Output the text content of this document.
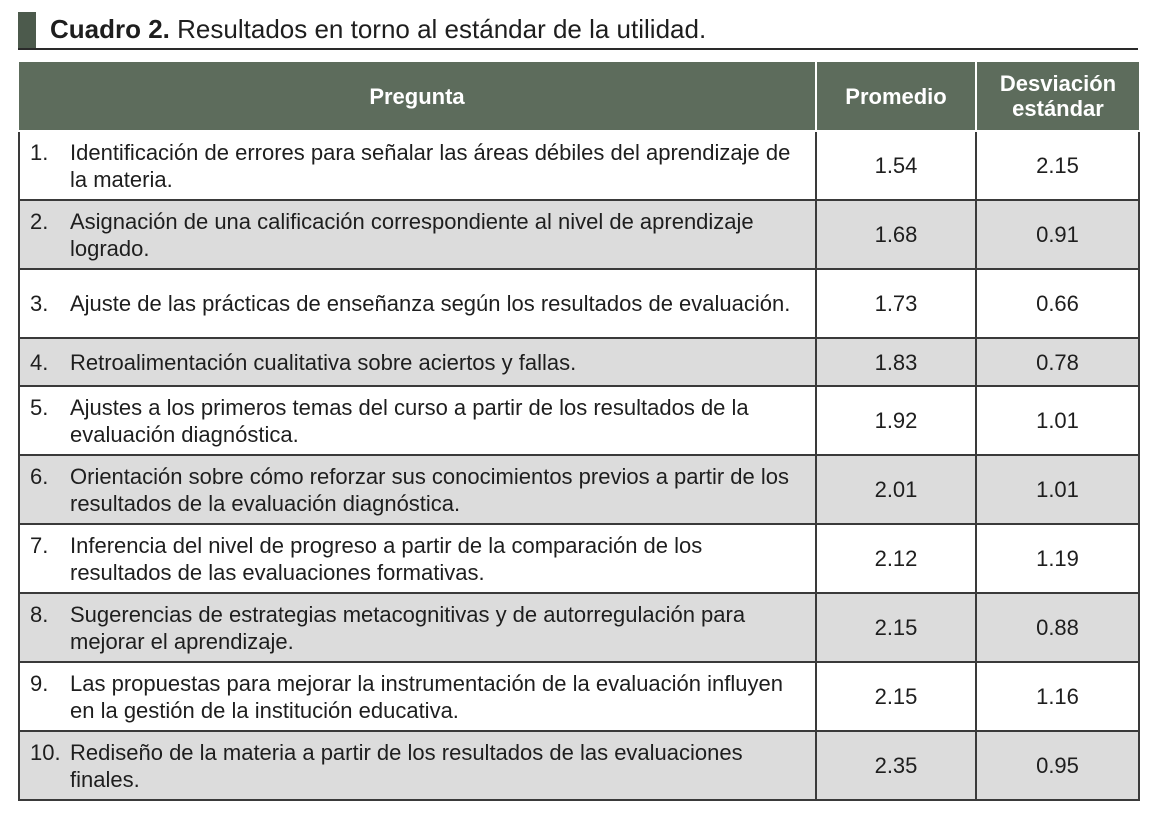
Cuadro 2. Resultados en torno al estándar de la utilidad.
Pregunta	Promedio	Desviación
estándar

1. Identificación de errores para señalar las áreas débiles del aprendizaje de la materia.	1.54	2.15

2. Asignación de una calificación correspondiente al nivel de aprendizaje logrado.	1.68	0.91

3. Ajuste de las prácticas de enseñanza según los resultados de evaluación.	1.73	0.66

4. Retroalimentación cualitativa sobre aciertos y fallas.	1.83	0.78

5. Ajustes a los primeros temas del curso a partir de los resultados de la evaluación diagnóstica.	1.92	1.01

6. Orientación sobre cómo reforzar sus conocimientos previos a partir de los resultados de la evaluación diagnóstica.	2.01	1.01

7. Inferencia del nivel de progreso a partir de la comparación de los resultados de las evaluaciones formativas.	2.12	1.19

8. Sugerencias de estrategias metacognitivas y de autorregulación para mejorar el aprendizaje.	2.15	0.88

9. Las propuestas para mejorar la instrumentación de la evaluación influyen en la gestión de la institución educativa.	2.15	1.16

10. Rediseño de la materia a partir de los resultados de las evaluaciones finales.	2.35	0.95
